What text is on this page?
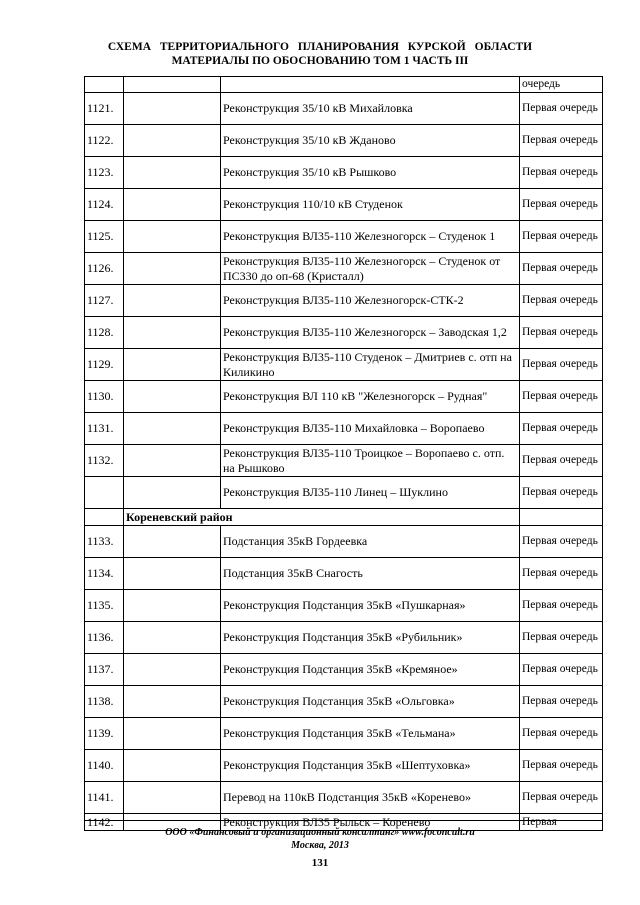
СХЕМА ТЕРРИТОРИАЛЬНОГО ПЛАНИРОВАНИЯ КУРСКОЙ ОБЛАСТИ
МАТЕРИАЛЫ ПО ОБОСНОВАНИЮ ТОМ 1 ЧАСТЬ III
			очередь
1121.		Реконструкция 35/10 кВ Михайловка	Первая очередь
1122.		Реконструкция 35/10 кВ Жданово	Первая очередь
1123.		Реконструкция 35/10 кВ Рышково	Первая очередь
1124.		Реконструкция 110/10 кВ Студенок	Первая очередь
1125.		Реконструкция ВЛ35-110 Железногорск – Студенок 1	Первая очередь
1126.		Реконструкция ВЛ35-110 Железногорск – Студенок от ПС330 до оп-68 (Кристалл)	Первая очередь
1127.		Реконструкция ВЛ35-110 Железногорск-СТК-2	Первая очередь
1128.		Реконструкция ВЛ35-110 Железногорск – Заводская 1,2	Первая очередь
1129.		Реконструкция ВЛ35-110 Студенок – Дмитриев с. отп на Киликино	Первая очередь
1130.		Реконструкция ВЛ 110 кВ "Железногорск – Рудная"	Первая очередь
1131.		Реконструкция ВЛ35-110 Михайловка – Воропаево	Первая очередь
1132.		Реконструкция ВЛ35-110 Троицкое – Воропаево с. отп. на Рышково	Первая очередь
		Реконструкция ВЛ35-110 Линец – Шуклино	Первая очередь
	Кореневский район		
1133.		Подстанция 35кВ Гордеевка	Первая очередь
1134.		Подстанция 35кВ Снагость	Первая очередь
1135.		Реконструкция Подстанция 35кВ «Пушкарная»	Первая очередь
1136.		Реконструкция Подстанция 35кВ «Рубильник»	Первая очередь
1137.		Реконструкция Подстанция 35кВ «Кремяное»	Первая очередь
1138.		Реконструкция Подстанция 35кВ «Ольговка»	Первая очередь
1139.		Реконструкция Подстанция 35кВ «Тельмана»	Первая очередь
1140.		Реконструкция Подстанция 35кВ «Шептуховка»	Первая очередь
1141.		Перевод на 110кВ Подстанция 35кВ «Коренево»	Первая очередь
1142.		Реконструкция ВЛ35 Рыльск – Коренево	Первая
ООО «Финансовый и организационный консалтинг» www.foconcult.ru
Москва, 2013
131
